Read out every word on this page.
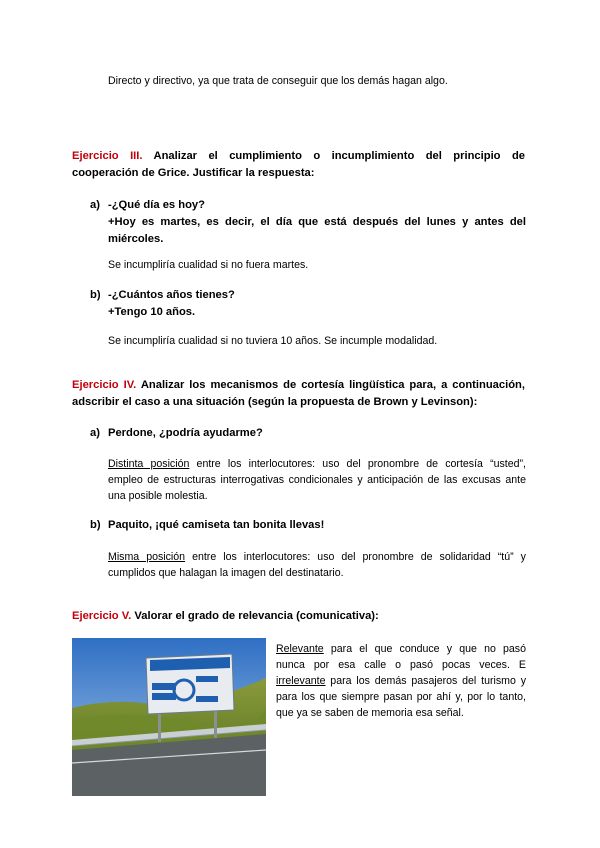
Directo y directivo, ya que trata de conseguir que los demás hagan algo.
Ejercicio III. Analizar el cumplimiento o incumplimiento del principio de
cooperación de Grice. Justificar la respuesta:
a) -¿Qué día es hoy?
+Hoy es martes, es decir, el día que está después del lunes y antes del
miércoles.
Se incumpliría cualidad si no fuera martes.
b) -¿Cuántos años tienes?
+Tengo 10 años.
Se incumpliría cualidad si no tuviera 10 años. Se incumple modalidad.
Ejercicio IV. Analizar los mecanismos de cortesía lingüística para, a continuación,
adscribir el caso a una situación (según la propuesta de Brown y Levinson):
a) Perdone, ¿podría ayudarme?
Distinta posición entre los interlocutores: uso del pronombre de cortesía “usted”,
empleo de estructuras interrogativas condicionales y anticipación de las excusas ante
una posible molestia.
b) Paquito, ¡qué camiseta tan bonita llevas!
Misma posición entre los interlocutores: uso del pronombre de solidaridad “tú” y
cumplidos que halagan la imagen del destinatario.
Ejercicio V. Valorar el grado de relevancia (comunicativa):
Relevante para el que conduce y que no pasó
nunca por esa calle o pasó pocas veces. E
irrelevante para los demás pasajeros del turismo y
para los que siempre pasan por ahí y, por lo tanto,
que ya se saben de memoria esa señal.
